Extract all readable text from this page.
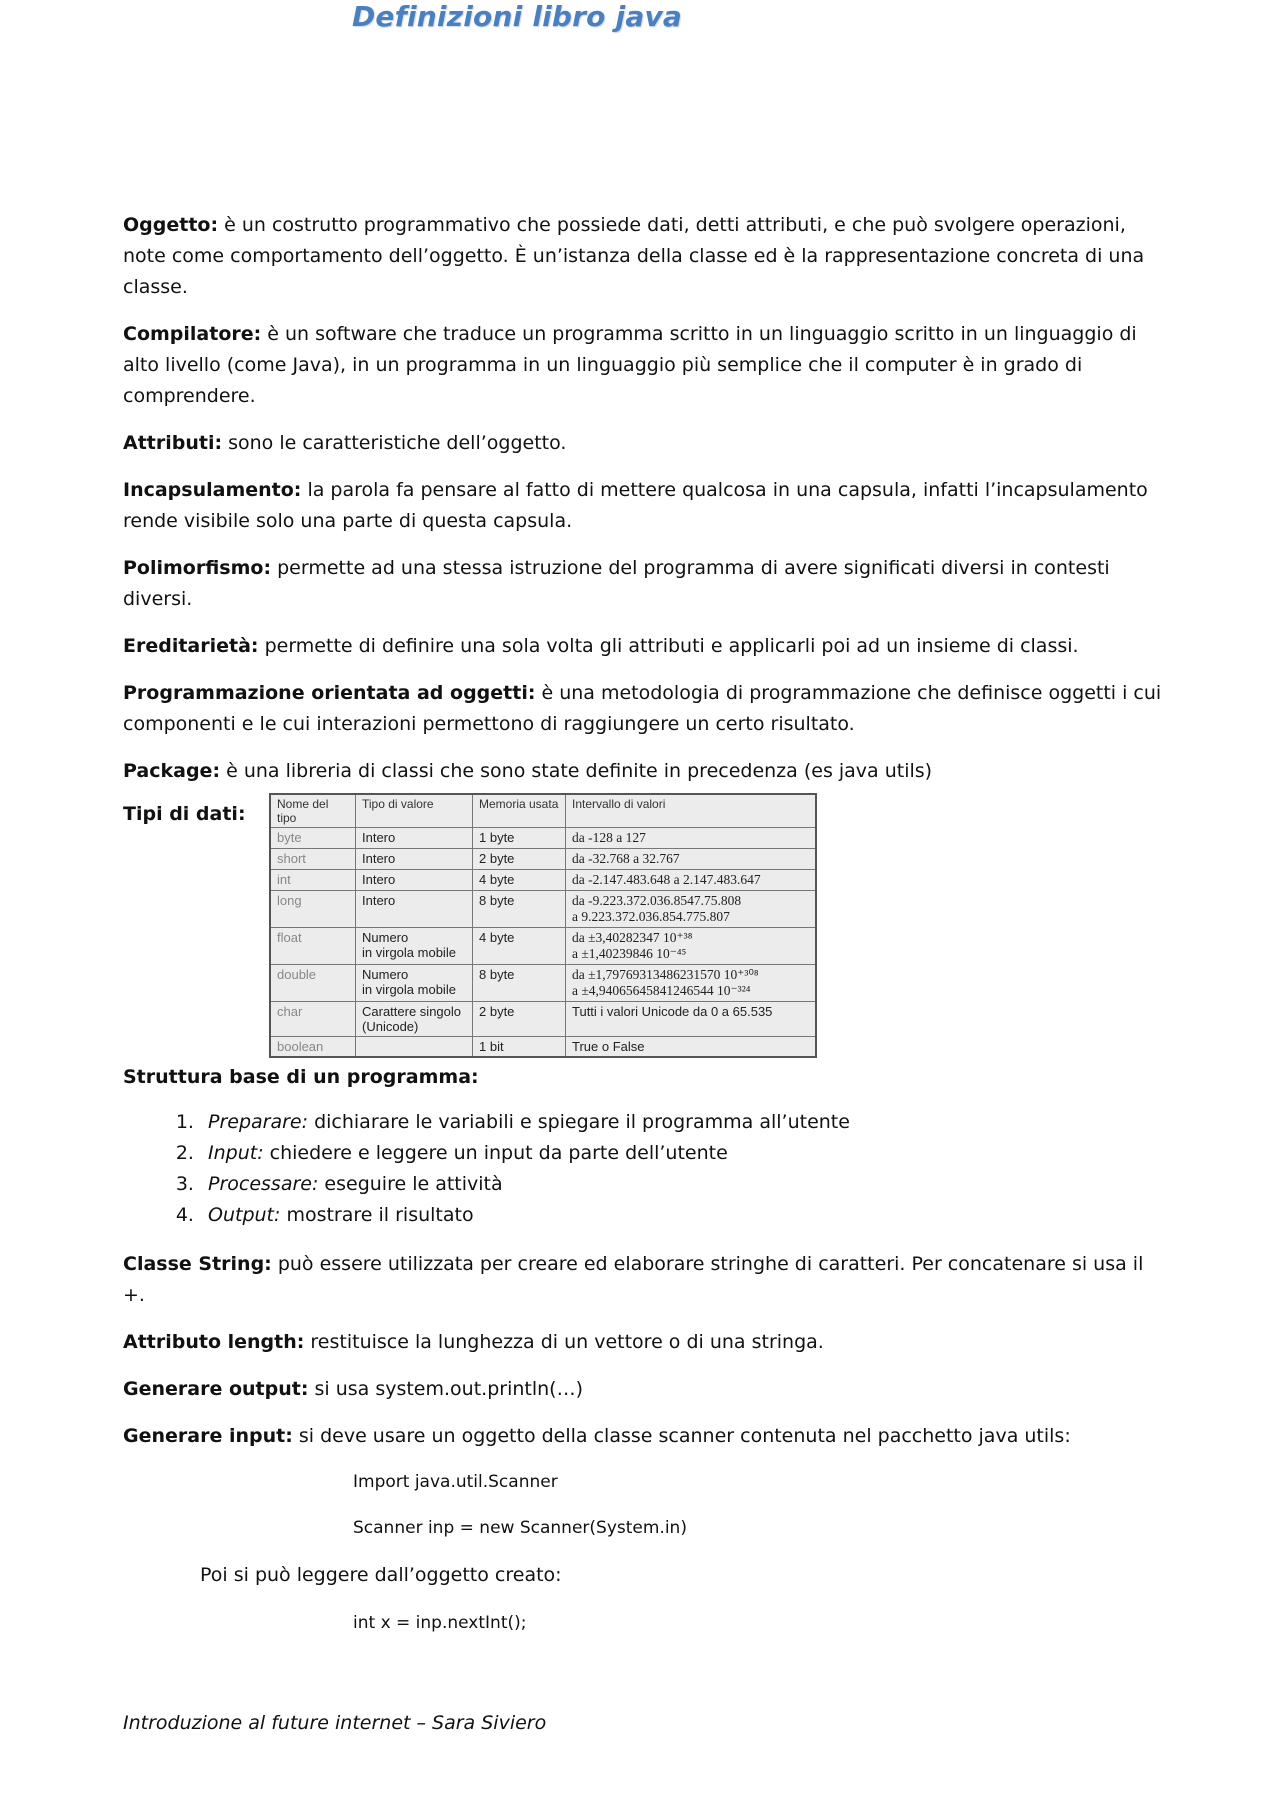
Definizioni libro java

Oggetto: è un costrutto programmativo che possiede dati, detti attributi, e che può svolgere operazioni, note come comportamento dell’oggetto. È un’istanza della classe ed è la rappresentazione concreta di una classe.

Compilatore: è un software che traduce un programma scritto in un linguaggio scritto in un linguaggio di alto livello (come Java), in un programma in un linguaggio più semplice che il computer è in grado di comprendere.

Attributi: sono le caratteristiche dell’oggetto.

Incapsulamento: la parola fa pensare al fatto di mettere qualcosa in una capsula, infatti l’incapsulamento rende visibile solo una parte di questa capsula.

Polimorfismo: permette ad una stessa istruzione del programma di avere significati diversi in contesti diversi.

Ereditarietà: permette di definire una sola volta gli attributi e applicarli poi ad un insieme di classi.

Programmazione orientata ad oggetti: è una metodologia di programmazione che definisce oggetti i cui componenti e le cui interazioni permettono di raggiungere un certo risultato.

Package: è una libreria di classi che sono state definite in precedenza (es java utils)

Tipi di dati:	Nome del tipo	Tipo di valore	Memoria usata	Intervallo di valori
byte	Intero	1 byte	da -128 a 127
short	Intero	2 byte	da -32.768 a 32.767
int	Intero	4 byte	da -2.147.483.648 a 2.147.483.647
long	Intero	8 byte	da -9.223.372.036.8547.75.808
a 9.223.372.036.854.775.807

float	Numero
in virgola mobile	4 byte	da ±3,40282347 10⁺³⁸
a ±1,40239846 10⁻⁴⁵

double	Numero
in virgola mobile	8 byte	da ±1,79769313486231570 10⁺³⁰⁸
a ±4,94065645841246544 10⁻³²⁴

char	Carattere singolo
(Unicode)	2 byte	Tutti i valori Unicode da 0 a 65.535
boolean		1 bit	True o False
Struttura base di un programma:
1. Preparare: dichiarare le variabili e spiegare il programma all’utente
2. Input: chiedere e leggere un input da parte dell’utente
3. Processare: eseguire le attività
4. Output: mostrare il risultato

Classe String: può essere utilizzata per creare ed elaborare stringhe di caratteri. Per concatenare si usa il +.

Attributo length: restituisce la lunghezza di un vettore o di una stringa.

Generare output: si usa system.out.println(…)

Generare input: si deve usare un oggetto della classe scanner contenuta nel pacchetto java utils:

Import java.util.Scanner
Scanner inp = new Scanner(System.in)
Poi si può leggere dall’oggetto creato:
int x = inp.nextInt();
Introduzione al future internet – Sara Siviero
